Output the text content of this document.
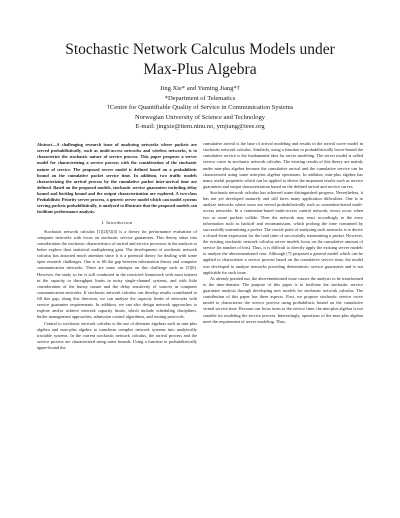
Stochastic Network Calculus Models under
Max-Plus Algebra
Jing Xie* and Yuming Jiang*†
*Department of Telematics
†Centre for Quantifiable Quality of Service in Communication Systems
Norwegian University of Science and Technology
E-mail: jingxie@item.ntnu.no, ymjiang@ieee.org

Abstract—A challenging research issue of analyzing networks where packets are served probabilistically, such as multi-access networks and wireless networks, is to characterize the stochastic nature of service process. This paper proposes a server model for characterizing a service process with the consideration of the stochastic nature of service. The proposed server model is defined based on a probabilistic bound on the cumulative packet service time. In addition, two traffic models characterizing the arrival process by the cumulative packet inter-arrival time are defined. Based on the proposed models, stochastic service guarantees including delay bound and backlog bound and the output characterization are explored. A two-class Probabilistic Priority server process, a generic server model which can model systems serving packets probabilistically, is analyzed to illustrate that the proposed models can facilitate performance analysis.

I. Introduction

Stochastic network calculus [1][2][3][4] is a theory for performance evaluation of computer networks with focus on stochastic service guarantees. This theory takes into consideration the stochastic characteristics of arrival and service processes in the analysis to better explore their statistical multiplexing gain. The development of stochastic network calculus has attracted much attention since it is a potential theory for dealing with some open research challenges. One is to fill the gap between information theory and computer communication networks. There are some attempts on this challenge such as [5][6]. However, the study so far is still conducted in the restricted framework with most interest in the capacity or throughput limits in noisy single-channel systems, and with little consideration of the bursty nature and the delay sensitivity of sources in computer communication networks. If stochastic network calculus can develop results contributed to fill this gap, along this direction, we can analyze the capacity limits of networks with service guarantee requirements. In addition, we can also design network approaches to explore and/or achieve network capacity limits, which include scheduling disciplines, buffer management approaches, admission control algorithms, and routing protocols.

Central to stochastic network calculus is the use of alternate algebras such as min-plus algebra and max-plus algebra to transform complex network systems into analytically tractable systems. In the current stochastic network calculus, the arrival process and the service process are characterized using some bounds. Using a function to probabilistically upper-bound the

cumulative arrival is the base of arrival modeling and results in the arrival curve model in stochastic network calculus. Similarly, using a function to probabilistically lower-bound the cumulative service is the fundamental idea for server modeling. The server model is called service curve in stochastic network calculus. The existing results of this theory are mainly under min-plus algebra because the cumulative arrival and the cumulative service can be characterized using some min-plus algebra operations. In addition, min-plus algebra has many useful properties which can be applied to derive the important results such as service guarantees and output characterization based on the defined arrival and service curves.

Stochastic network calculus has achieved some distinguished progress. Nevertheless, it has not yet developed maturely and still faces many application difficulties. One is to analyze networks where users are served probabilistically such as contention-based multi-access networks. In a contention-based multi-access control network, errors occur when two or more packets collide. Then the network may react accordingly to the error information such as backoff and retransmission, which prolong the time consumed by successfully transmitting a packet. The crucial point of analyzing such networks is to derive a closed-form expression for the total time of successfully transmitting a packet. However, the existing stochastic network calculus server models focus on the cumulative amount of service (in number of bits). Thus, it is difficult to directly apply the existing server models to analyze the abovementioned case. Although [7] proposed a general model which can be applied to characterize a service process based on the cumulative service time, the model was developed to analyze networks providing deterministic service guarantees and is not applicable for such issue.

As already pointed out, the abovementioned issue causes the analysis to be transformed to the time-domain. The purpose of this paper is to facilitate the stochastic service guarantee analysis through developing new models for stochastic network calculus. The contribution of this paper has three aspects. First, we propose stochastic service curve model to characterize the service process using probabilistic bound on the cumulative virtual service time. Because our focus turns to the service time, the min-plus algebra is not suitable for modeling the service process. Interestingly, operations of the max-plus algebra meet the requirement of server modeling. Thus,
